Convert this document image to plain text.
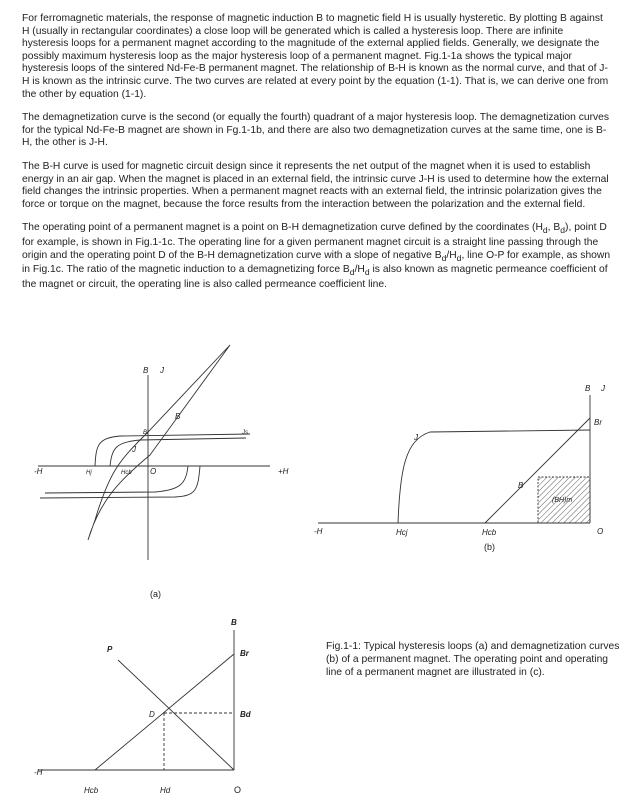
For ferromagnetic materials, the response of magnetic induction B to magnetic field H is usually hysteretic. By plotting B against H (usually in rectangular coordinates) a close loop will be generated which is called a hysteresis loop. There are infinite hysteresis loops for a permanent magnet according to the magnitude of the external applied fields. Generally, we designate the possibly maximum hysteresis loop as the major hysteresis loop of a permanent magnet. Fig.1-1a shows the typical major hysteresis loops of the sintered Nd-Fe-B permanent magnet. The relationship of B-H is known as the normal curve, and that of J-H is known as the intrinsic curve. The two curves are related at every point by the equation (1-1). That is, we can derive one from the other by equation (1-1).

The demagnetization curve is the second (or equally the fourth) quadrant of a major hysteresis loop. The demagnetization curves for the typical Nd-Fe-B magnet are shown in Fg.1-1b, and there are also two demagnetization curves at the same time, one is B-H, the other is J-H.

The B-H curve is used for magnetic circuit design since it represents the net output of the magnet when it is used to establish energy in an air gap. When the magnet is placed in an external field, the intrinsic curve J-H is used to determine how the external field changes the intrinsic properties. When a permanent magnet reacts with an external field, the intrinsic polarization gives the force or torque on the magnet, because the force results from the interaction between the polarization and the external field.

The operating point of a permanent magnet is a point on B-H demagnetization curve defined by the coordinates ($H_d$, $B_d$), point D for example, is shown in Fig.1-1c. The operating line for a given permanent magnet circuit is a straight line passing through the origin and the operating point D of the B-H demagnetization curve with a slope of negative $B_d/H_d$, line O-P for example, as shown in Fig.1c. The ratio of the magnetic induction to a demagnetizing force $B_d/H_d$ is also known as magnetic permeance coefficient of the magnet or circuit, the operating line is also called permeance coefficient line.

B J
B
J
Br	Js
-H	+H
Hj	Hcb O
(a)
B J
Br
J
B
(BH)m
-H	Hcj	Hcb	O
(b)
B
P	Br
D	Bd
-H
Hcb	Hd	O
Fig.1-1: Typical hysteresis loops (a) and demagnetization curves (b) of a permanent magnet. The operating point and operating line of a permanent magnet are illustrated in (c).
